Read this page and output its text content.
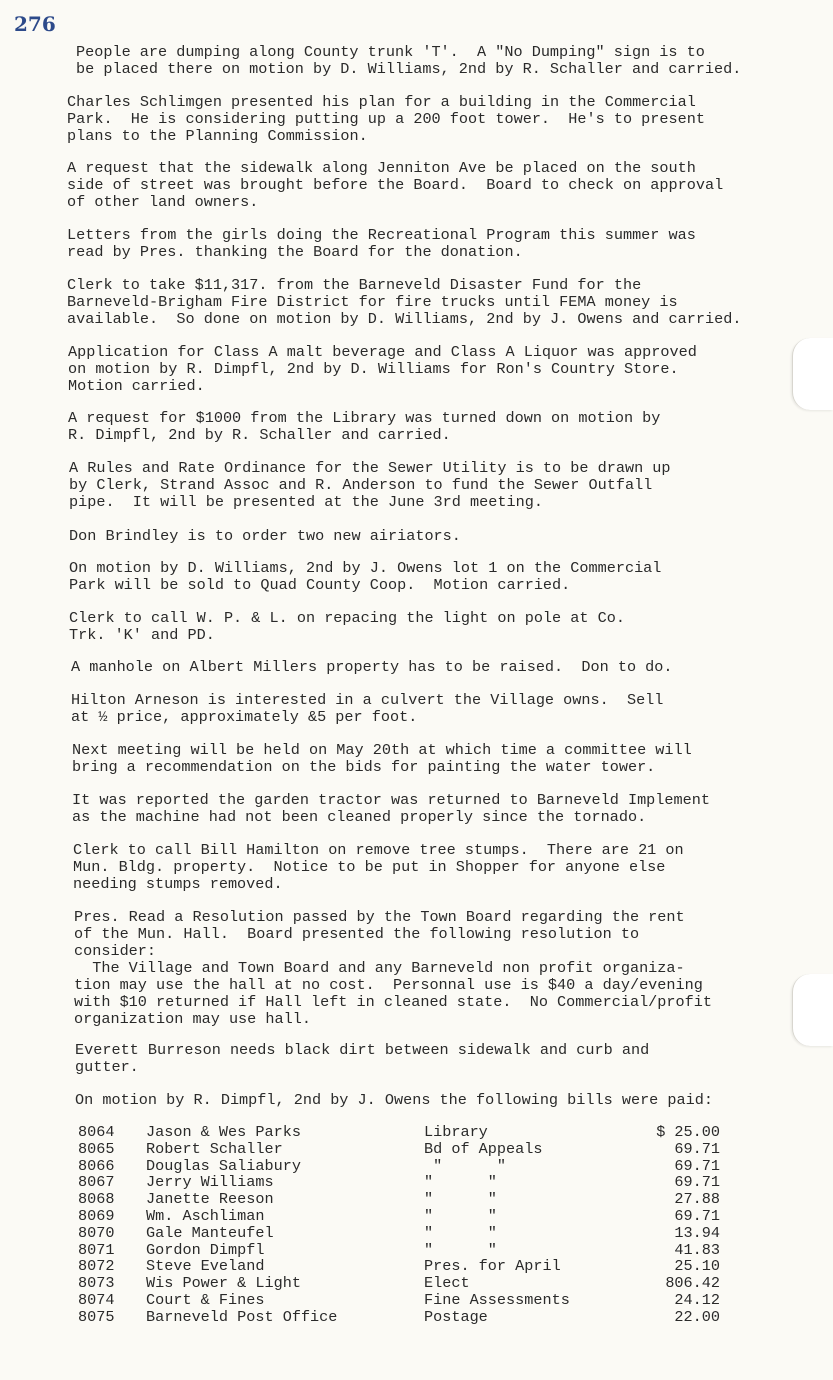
276

People are dumping along County trunk 'T'.  A "No Dumping" sign is to
be placed there on motion by D. Williams, 2nd by R. Schaller and carried.

Charles Schlimgen presented his plan for a building in the Commercial
Park.  He is considering putting up a 200 foot tower.  He's to present
plans to the Planning Commission.

A request that the sidewalk along Jenniton Ave be placed on the south
side of street was brought before the Board.  Board to check on approval
of other land owners.

Letters from the girls doing the Recreational Program this summer was
read by Pres. thanking the Board for the donation.

Clerk to take $11,317. from the Barneveld Disaster Fund for the
Barneveld-Brigham Fire District for fire trucks until FEMA money is
available.  So done on motion by D. Williams, 2nd by J. Owens and carried.

Application for Class A malt beverage and Class A Liquor was approved
on motion by R. Dimpfl, 2nd by D. Williams for Ron's Country Store.
Motion carried.

A request for $1000 from the Library was turned down on motion by
R. Dimpfl, 2nd by R. Schaller and carried.

A Rules and Rate Ordinance for the Sewer Utility is to be drawn up
by Clerk, Strand Assoc and R. Anderson to fund the Sewer Outfall
pipe.  It will be presented at the June 3rd meeting.

Don Brindley is to order two new airiators.

On motion by D. Williams, 2nd by J. Owens lot 1 on the Commercial
Park will be sold to Quad County Coop.  Motion carried.

Clerk to call W. P. & L. on repacing the light on pole at Co.
Trk. 'K' and PD.

A manhole on Albert Millers property has to be raised.  Don to do.

Hilton Arneson is interested in a culvert the Village owns.  Sell
at ½ price, approximately &5 per foot.

Next meeting will be held on May 20th at which time a committee will
bring a recommendation on the bids for painting the water tower.

It was reported the garden tractor was returned to Barneveld Implement
as the machine had not been cleaned properly since the tornado.

Clerk to call Bill Hamilton on remove tree stumps.  There are 21 on
Mun. Bldg. property.  Notice to be put in Shopper for anyone else
needing stumps removed.

Pres. Read a Resolution passed by the Town Board regarding the rent
of the Mun. Hall.  Board presented the following resolution to
consider:
The Village and Town Board and any Barneveld non profit organiza-
tion may use the hall at no cost.  Personnal use is $40 a day/evening
with $10 returned if Hall left in cleaned state.  No Commercial/profit
organization may use hall.

Everett Burreson needs black dirt between sidewalk and curb and
gutter.

On motion by R. Dimpfl, 2nd by J. Owens the following bills were paid:

8064 Jason & Wes Parks	Library	$ 25.00
8065 Robert Schaller	Bd of Appeals	69.71
8066 Douglas Saliabury	"      "	69.71
8067 Jerry Williams	"      "	69.71
8068 Janette Reeson	"      "	27.88
8069 Wm. Aschliman	"      "	69.71
8070 Gale Manteufel	"      "	13.94
8071 Gordon Dimpfl	"      "	41.83
8072 Steve Eveland	Pres. for April	25.10
8073 Wis Power & Light	Elect	806.42
8074 Court & Fines	Fine Assessments	24.12
8075 Barneveld Post Office	Postage	22.00
